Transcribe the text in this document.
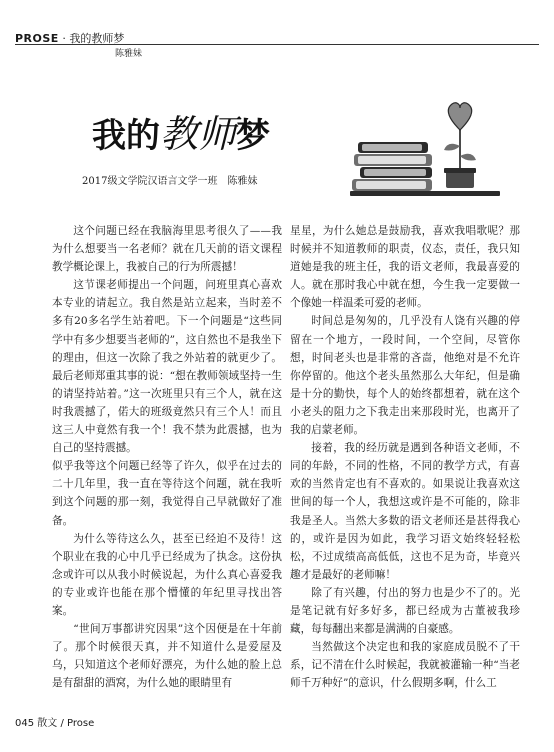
PROSE · 我的教师梦
陈雅妹
我的教师梦
2017级文学院汉语言文学一班　陈雅妹

这个问题已经在我脑海里思考很久了——我为什么想要当一名老师？就在几天前的语文课程教学概论课上，我被自己的行为所震撼！

这节课老师提出一个问题，问班里真心喜欢本专业的请起立。我自然是站立起来，当时差不多有20多名学生站着吧。下一个问题是“这些同学中有多少想要当老师的”，这自然也不是我坐下的理由，但这一次除了我之外站着的就更少了。最后老师郑重其事的说：“想在教师领域坚持一生的请坚持站着。”这一次班里只有三个人，就在这时我震撼了，偌大的班级竟然只有三个人！而且这三人中竟然有我一个！我不禁为此震撼，也为自己的坚持震撼。

似乎我等这个问题已经等了许久，似乎在过去的二十几年里，我一直在等待这个问题，就在我听到这个问题的那一刻，我觉得自己早就做好了准备。

为什么等待这么久，甚至已经迫不及待！这个职业在我的心中几乎已经成为了执念。这份执念或许可以从我小时候说起，为什么真心喜爱我的专业或许也能在那个懵懂的年纪里寻找出答案。

“世间万事都讲究因果”这个因便是在十年前了。那个时候很天真，并不知道什么是爱屋及乌，只知道这个老师好漂亮，为什么她的脸上总是有甜甜的酒窝，为什么她的眼睛里有

星星，为什么她总是鼓励我，喜欢我唱歌呢？那时候并不知道教师的职责，仪态，责任，我只知道她是我的班主任，我的语文老师，我最喜爱的人。就在那时我心中就在想，今生我一定要做一个像她一样温柔可爱的老师。

时间总是匆匆的，几乎没有人饶有兴趣的停留在一个地方，一段时间，一个空间，尽管你想，时间老头也是非常的吝啬，他绝对是不允许你停留的。他这个老头虽然那么大年纪，但是确是十分的勤快，每个人的始终都想着，就在这个小老头的阻力之下我走出来那段时光，也离开了我的启蒙老师。

接着，我的经历就是遇到各种语文老师，不同的年龄，不同的性格，不同的教学方式，有喜欢的当然肯定也有不喜欢的。如果说让我喜欢这世间的每一个人，我想这或许是不可能的，除非我是圣人。当然大多数的语文老师还是甚得我心的，或许是因为如此，我学习语文始终轻轻松松，不过成绩高高低低，这也不足为奇，毕竟兴趣才是最好的老师嘛！

除了有兴趣，付出的努力也是少不了的。光是笔记就有好多好多，都已经成为古董被我珍藏，每每翻出来都是满满的自豪感。

当然做这个决定也和我的家庭成员脱不了干系，记不清在什么时候起，我就被灌输一种“当老师千万种好”的意识，什么假期多啊，什么工

045 散文 / Prose
